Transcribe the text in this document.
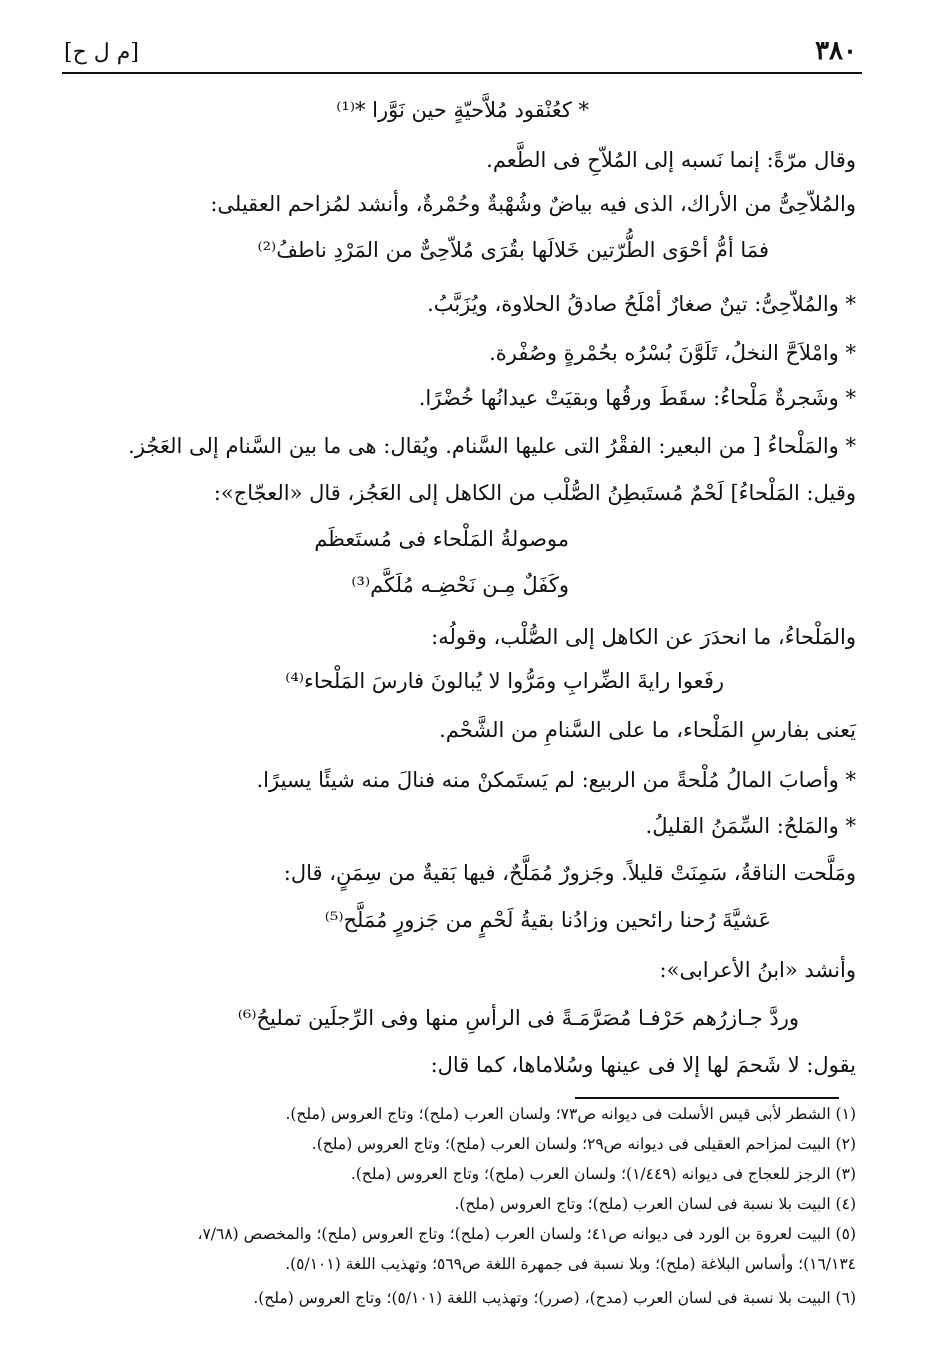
[م ل ح]	٣٨٠
* كعُنْقود مُلاَّحيّةٍ حين نَوَّرا *⁽¹⁾
وقال مرّةً: إنما نَسبه إلى المُلاّحِ فى الطَّعم.
والمُلاّحِىُّ من الأراك، الذى فيه بياضٌ وشُهْبةٌ وحُمْرةٌ، وأنشد لمُزاحم العقيلى:
فمَا أمُّ أحْوَى الطُّرّتين خَلالَها بقُرَى مُلاّحِىٌّ من المَرْدِ ناطفُ⁽²⁾
* والمُلاّحِىُّ: تينٌ صغارٌ أمْلَحُ صادقُ الحلاوة، ويُزَبَّبُ.
* وامْلاَحَّ النخلُ، تَلَوَّنَ بُسْرُه بحُمْرةٍ وصُفْرة.
* وشَجرةٌ مَلْحاءُ: سقَطَ ورقُها وبقيَتْ عيدانُها خُضْرًا.
* والمَلْحاءُ [ من البعير: الفقْرُ التى عليها السَّنام. ويُقال: هى ما بين السَّنام إلى العَجُز.
وقيل: المَلْحاءُ] لَحْمٌ مُستَبطِنُ الصُّلْب من الكاهل إلى العَجُز، قال «العجّاج»:
موصولةُ المَلْحاء فى مُستَعظَم
وكَفَلٌ مِـن نَحْضِـه مُلَكَّم⁽³⁾
والمَلْحاءُ، ما انحدَرَ عن الكاهل إلى الصُّلْب، وقولُه:
رفَعوا رايةَ الضِّرابِ ومَرُّوا لا يُبالونَ فارسَ المَلْحاء⁽⁴⁾
يَعنى بفارسِ المَلْحاء، ما على السَّنامِ من الشَّحْم.
* وأصابَ المالُ مُلْحةً من الربيع: لم يَستَمكنْ منه فنالَ منه شيئًا يسيرًا.
* والمَلحُ: السِّمَنُ القليلُ.
ومَلَّحت الناقةُ، سَمِنَتْ قليلاً. وجَزورٌ مُمَلَّحٌ، فيها بَقيةٌ من سِمَنٍ، قال:
عَشيَّةَ رُحنا رائحين وزادُنا بقيةُ لَحْمٍ من جَزورٍ مُمَلَّح⁽⁵⁾
وأنشد «ابنُ الأعرابى»:
وردَّ جـازرُهم حَرْفـا مُصَرَّمَـةً فى الرأسِ منها وفى الرِّجلَين تمليحُ⁽⁶⁾
يقول: لا شَحمَ لها إلا فى عينها وسُلاماها، كما قال:
(١) الشطر لأبى قيس الأسلت فى ديوانه ص٧٣؛ ولسان العرب (ملح)؛ وتاج العروس (ملح).
(٢) البيت لمزاحم العقيلى فى ديوانه ص٢٩؛ ولسان العرب (ملح)؛ وتاج العروس (ملح).
(٣) الرجز للعجاج فى ديوانه (١/٤٤٩)؛ ولسان العرب (ملح)؛ وتاج العروس (ملح).
(٤) البيت بلا نسبة فى لسان العرب (ملح)؛ وتاج العروس (ملح).
(٥) البيت لعروة بن الورد فى ديوانه ص٤١؛ ولسان العرب (ملح)؛ وتاج العروس (ملح)؛ والمخصص (٧/٦٨،
١٦/١٣٤)؛ وأساس البلاغة (ملح)؛ وبلا نسبة فى جمهرة اللغة ص٥٦٩؛ وتهذيب اللغة (٥/١٠١).
(٦) البيت بلا نسبة فى لسان العرب (مدح)، (صرر)؛ وتهذيب اللغة (٥/١٠١)؛ وتاج العروس (ملح).
